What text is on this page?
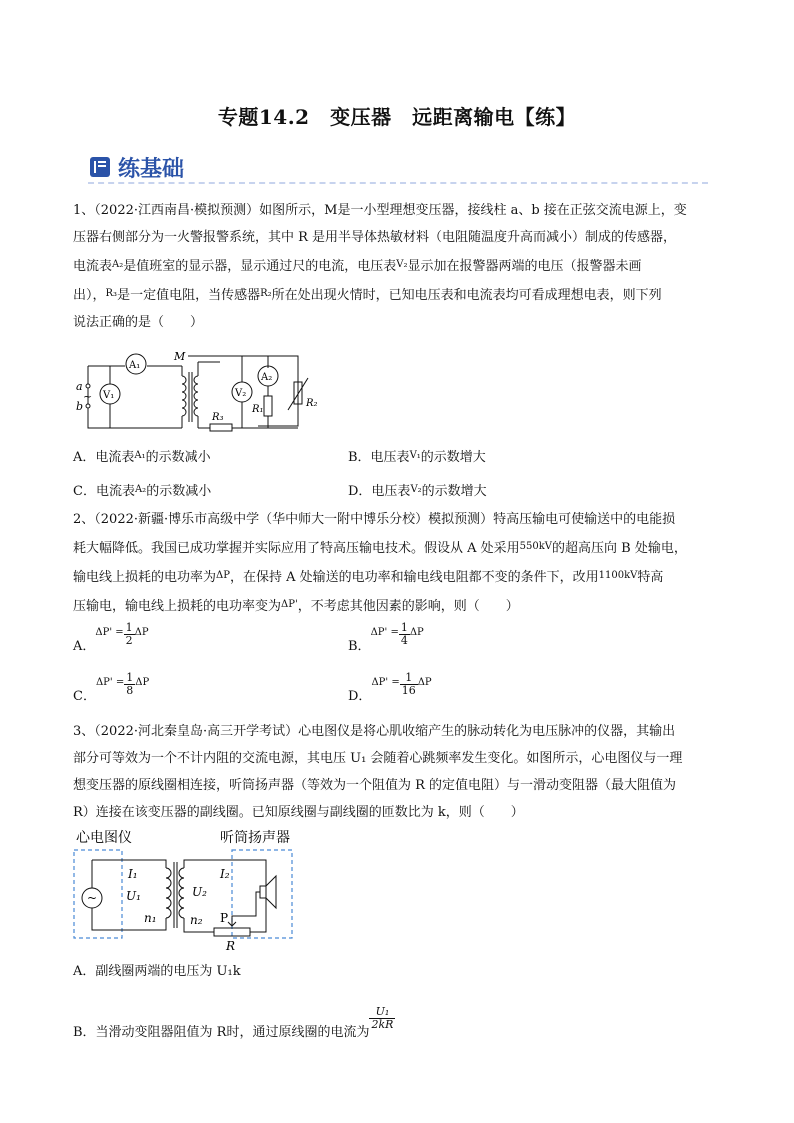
专题14.2　变压器　远距离输电【练】
练基础
1、（2022·江西南昌·模拟预测）如图所示，M是一小型理想变压器，接线柱 a、b 接在正弦交流电源上，变
压器右侧部分为一火警报警系统，其中 R 是用半导体热敏材料（电阻随温度升高而减小）制成的传感器，
电流表$^{A_2}$是值班室的显示器，显示通过尺的电流，电压表$^{V_2}$显示加在报警器两端的电压（报警器未画
出），$^{R_3}$是一定值电阻，当传感器$^{R_2}$所在处出现火情时，已知电压表和电流表均可看成理想电表，则下列
说法正确的是（　　）
a
b
~ V₁
A₁
M
V₂
A₂
R₁
R₂
R₃
A．电流表$^{A_1}$的示数减小	B．电压表$^{V_1}$的示数增大
C．电流表$^{A_2}$的示数减小	D．电压表$^{V_2}$的示数增大
2、（2022·新疆·博乐市高级中学（华中师大一附中博乐分校）模拟预测）特高压输电可使输送中的电能损
耗大幅降低。我国已成功掌握并实际应用了特高压输电技术。假设从 A 处采用$^{550kV}$的超高压向 B 处输电，
输电线上损耗的电功率为$^{\Delta P}$，在保持 A 处输送的电功率和输电线电阻都不变的条件下，改用$^{1100kV}$特高
压输电，输电线上损耗的电功率变为$^{\Delta P'}$，不考虑其他因素的影响，则（　　）
A．$^{\Delta P' =} \frac{1}{2} ^{\Delta P}$
B．$^{\Delta P' =} \frac{1}{4} ^{\Delta P}$
C．$^{\Delta P' =} \frac{1}{8} ^{\Delta P}$
D．$^{\Delta P' =} \frac{1}{16} ^{\Delta P}$
3、（2022·河北秦皇岛·高三开学考试）心电图仪是将心肌收缩产生的脉动转化为电压脉冲的仪器，其输出
部分可等效为一个不计内阻的交流电源，其电压 U₁ 会随着心跳频率发生变化。如图所示，心电图仪与一理
想变压器的原线圈相连接，听筒扬声器（等效为一个阻值为 R 的定值电阻）与一滑动变阻器（最大阻值为
R）连接在该变压器的副线圈。已知原线圈与副线圈的匝数比为 k，则（　　）
心电图仪	听筒扬声器
~
I₁
U₁
n₁
U₂
I₂
n₂ P
R
A．副线圈两端的电压为 U₁k
B．当滑动变阻器阻值为 R时，通过原线圈的电流为
$\frac{\text{U₁}}{2kR}$
